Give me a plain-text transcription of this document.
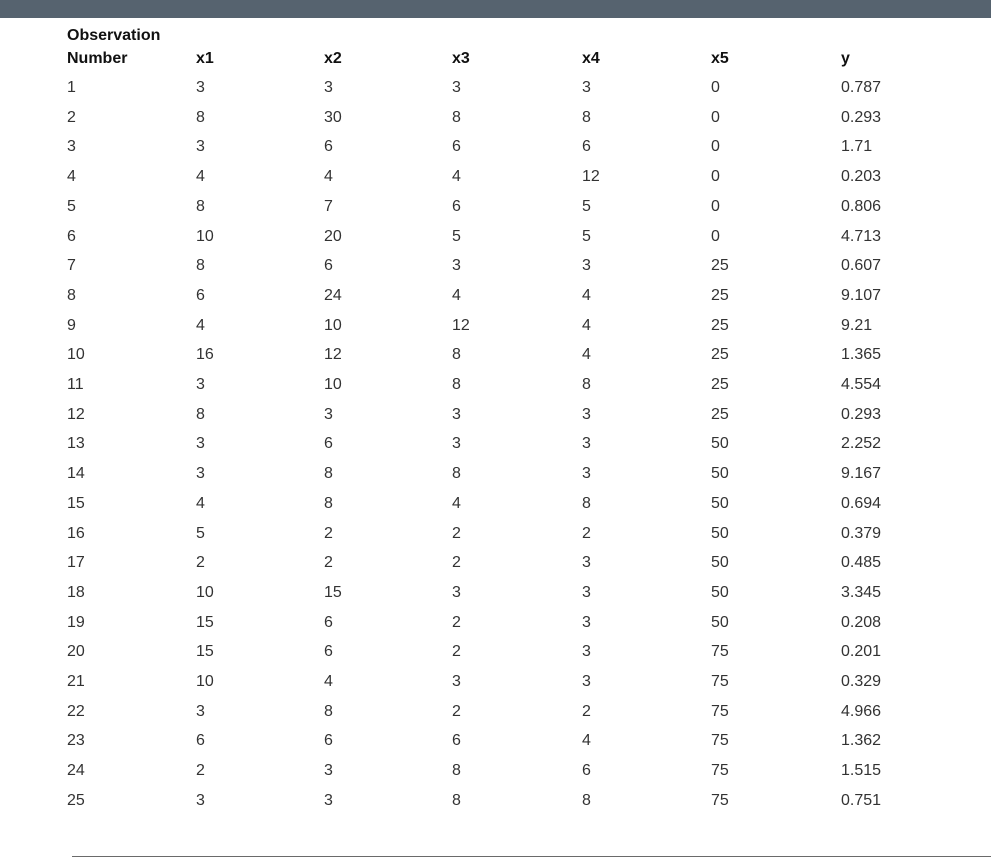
Observation
Number	x1	x2	x3	x4	x5	y
1	3	3	3	3	0	0.787
2	8	30	8	8	0	0.293
3	3	6	6	6	0	1.71
4	4	4	4	12	0	0.203
5	8	7	6	5	0	0.806
6	10	20	5	5	0	4.713
7	8	6	3	3	25	0.607
8	6	24	4	4	25	9.107
9	4	10	12	4	25	9.21
10	16	12	8	4	25	1.365
11	3	10	8	8	25	4.554
12	8	3	3	3	25	0.293
13	3	6	3	3	50	2.252
14	3	8	8	3	50	9.167
15	4	8	4	8	50	0.694
16	5	2	2	2	50	0.379
17	2	2	2	3	50	0.485
18	10	15	3	3	50	3.345
19	15	6	2	3	50	0.208
20	15	6	2	3	75	0.201
21	10	4	3	3	75	0.329
22	3	8	2	2	75	4.966
23	6	6	6	4	75	1.362
24	2	3	8	6	75	1.515
25	3	3	8	8	75	0.751
